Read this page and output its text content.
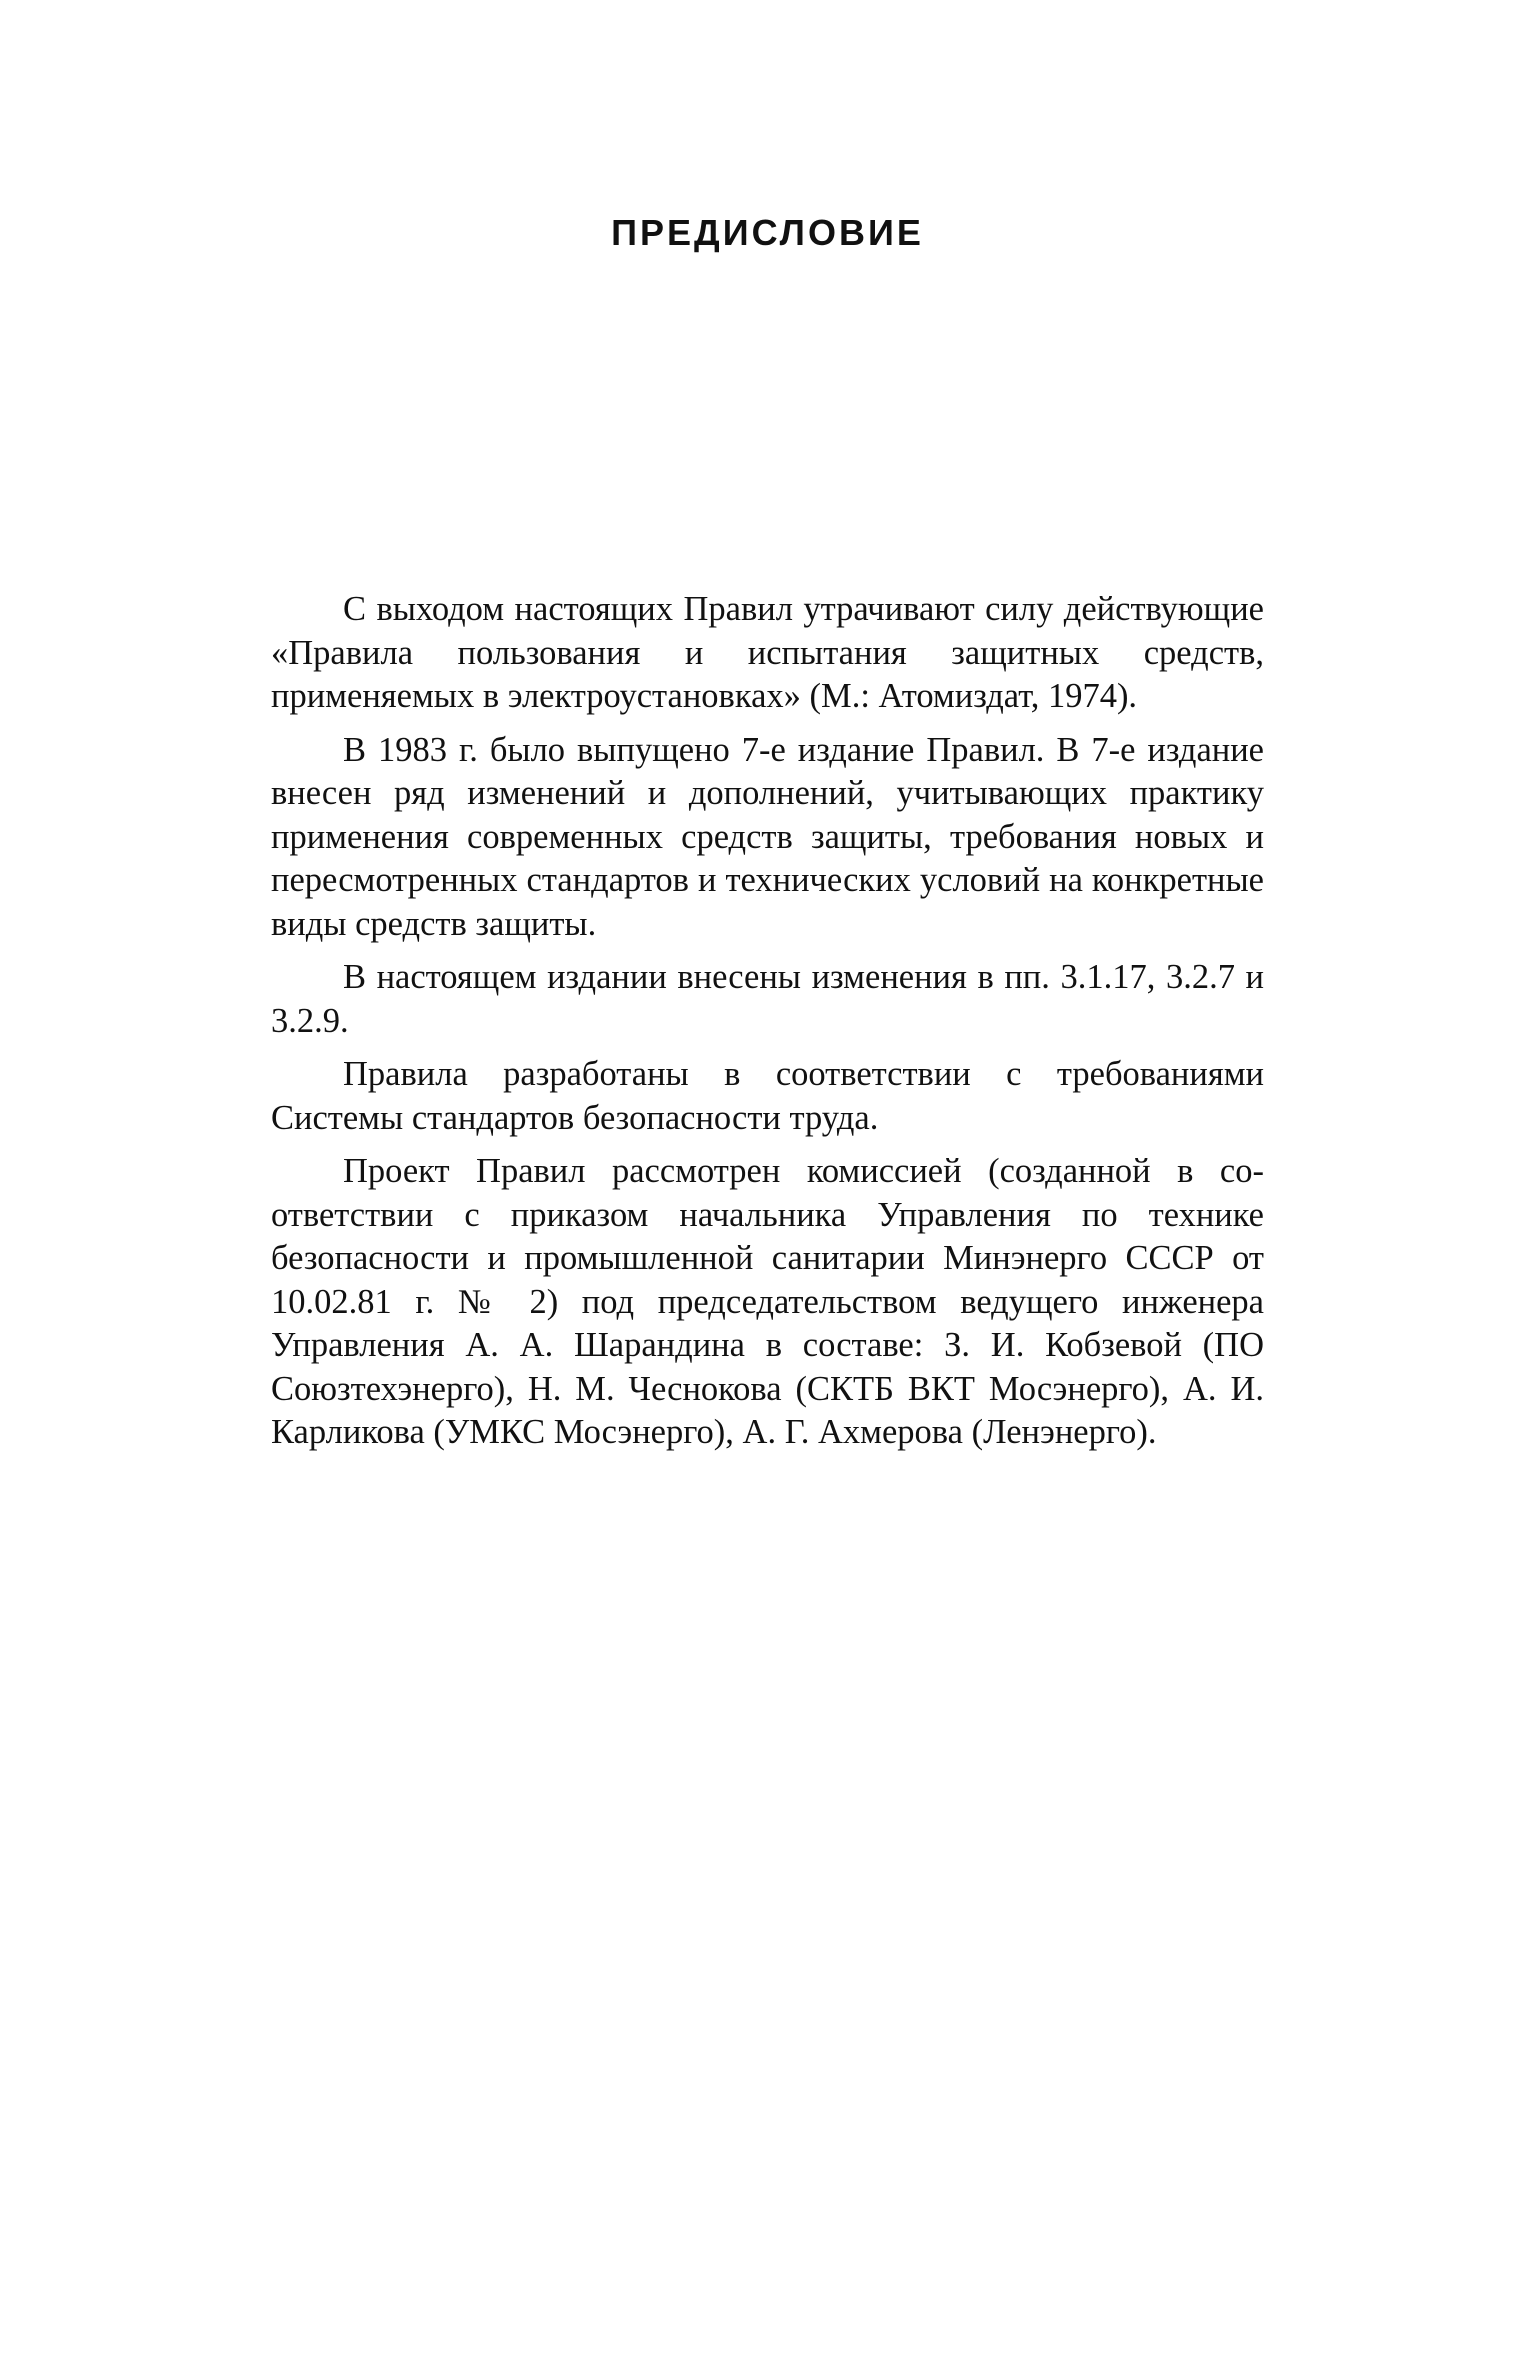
ПРЕДИСЛОВИЕ

С выходом настоящих Правил утрачивают силу действующие «Правила пользования и испытания защитных средств, применяемых в электроустановках» (М.: Атомиздат, 1974).

В 1983 г. было выпущено 7-е издание Правил. В 7-е издание внесен ряд изменений и дополнений, учитывающих практику применения современных средств защиты, требования новых и пересмотренных стандартов и технических условий на конкретные виды средств защиты.

В настоящем издании внесены изменения в пп. 3.1.17, 3.2.7 и 3.2.9.

Правила разработаны в соответствии с требованиями Системы стандартов безопасности труда.

Проект Правил рассмотрен комиссией (созданной в соответствии с приказом начальника Управления по технике безопасности и промышленной санитарии Минэнерго СССР от 10.02.81 г. № 2) под председательством ведущего инженера Управления А. А. Шарандина в составе: З. И. Кобзевой (ПО Союзтехэнерго), Н. М. Чеснокова (СКТБ ВКТ Мосэнерго), А. И. Карликова (УМКС Мосэнерго), А. Г. Ахмерова (Ленэнерго).
